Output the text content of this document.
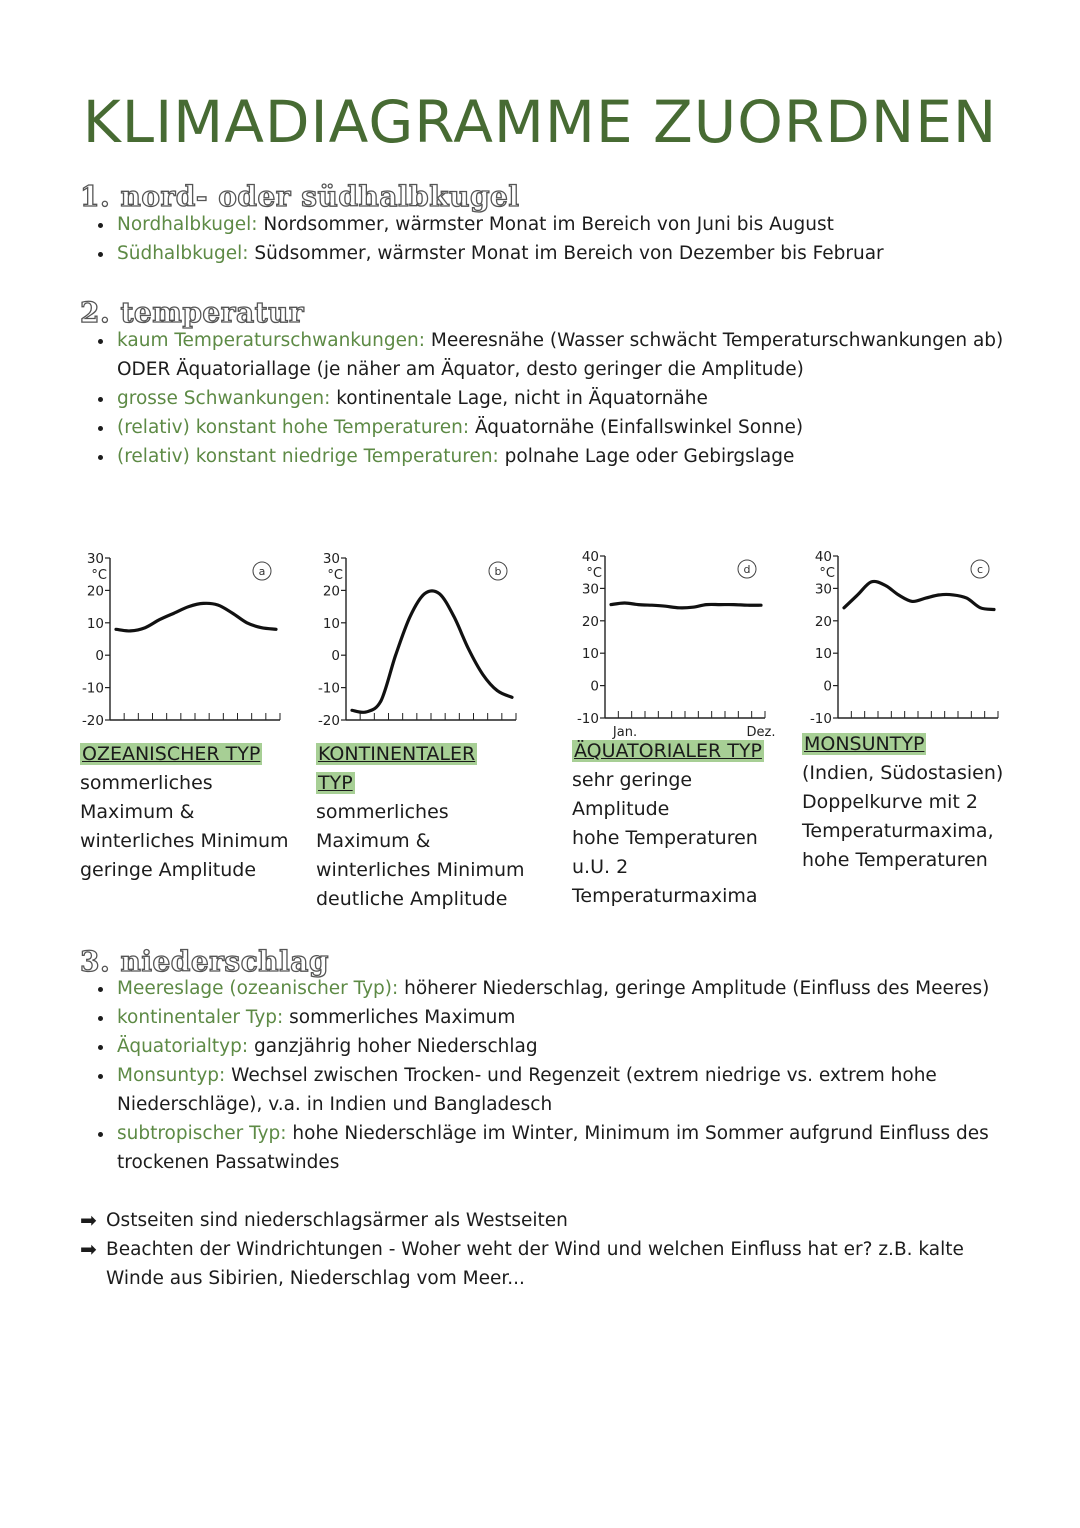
KLIMADIAGRAMME ZUORDNEN
1. nord- oder südhalbkugel
• Nordhalbkugel: Nordsommer, wärmster Monat im Bereich von Juni bis August
• Südhalbkugel: Südsommer, wärmster Monat im Bereich von Dezember bis Februar
2. temperatur
• kaum Temperaturschwankungen: Meeresnähe (Wasser schwächt Temperaturschwankungen ab) ODER Äquatoriallage (je näher am Äquator, desto geringer die Amplitude)
• grosse Schwankungen: kontinentale Lage, nicht in Äquatornähe
• (relativ) konstant hohe Temperaturen: Äquatornähe (Einfallswinkel Sonne)
• (relativ) konstant niedrige Temperaturen: polnahe Lage oder Gebirgslage
30
°C
20
10
0
-10
-20
a
30
°C
20
10
0
-10
-20
b
40
°C
30
20
10
0
-10
Jan.	Dez.
d
40
°C
30
20
10
0
-10
c
OZEANISCHER TYP
sommerliches
Maximum &
winterliches Minimum
geringe Amplitude
KONTINENTALER TYP
sommerliches
Maximum &
winterliches Minimum
deutliche Amplitude
ÄQUATORIALER TYP
sehr geringe
Amplitude
hohe Temperaturen
u.U. 2
Temperaturmaxima
MONSUNTYP
(Indien, Südostasien)
Doppelkurve mit 2
Temperaturmaxima,
hohe Temperaturen
3. niederschlag
• Meereslage (ozeanischer Typ): höherer Niederschlag, geringe Amplitude (Einfluss des Meeres)
• kontinentaler Typ: sommerliches Maximum
• Äquatorialtyp: ganzjährig hoher Niederschlag
• Monsuntyp: Wechsel zwischen Trocken- und Regenzeit (extrem niedrige vs. extrem hohe Niederschläge), v.a. in Indien und Bangladesch
• subtropischer Typ: hohe Niederschläge im Winter, Minimum im Sommer aufgrund Einfluss des trockenen Passatwindes
➡ Ostseiten sind niederschlagsärmer als Westseiten
➡ Beachten der Windrichtungen - Woher weht der Wind und welchen Einfluss hat er? z.B. kalte Winde aus Sibirien, Niederschlag vom Meer...
